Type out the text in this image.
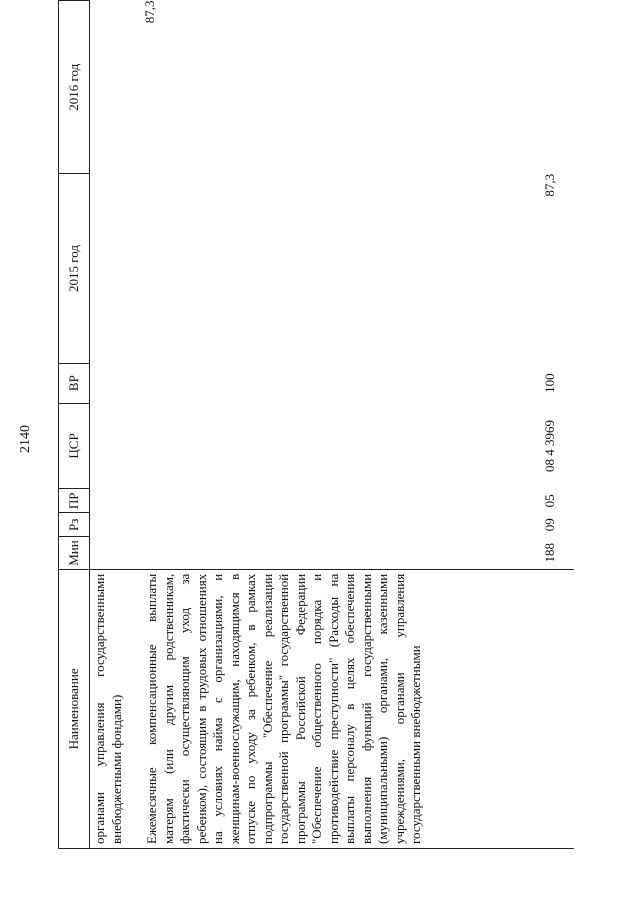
2140
Наименование	Мин	Рз	ПР	ЦСР	ВР	2015 год	2016 год

органами управления государственными внебюджетными фондами)							

Ежемесячные компенсационные выплаты матерям (или другим родственникам, фактически осуществляющим уход за ребенком), состоящим в трудовых отношениях на условиях найма с организациями, и женщинам-военнослужащим, находящимся в отпуске по уходу за ребенком, в рамках подпрограммы "Обеспечение реализации государственной программы" государственной программы Российской Федерации "Обеспечение общественного порядка и противодействие преступности" (Расходы на выплаты персоналу в целях обеспечения выполнения функций государственными (муниципальными) органами, казенными учреждениями, органами управления государственными внебюджетными	188	09	05	08 4 3969	100	87,3	87,3
